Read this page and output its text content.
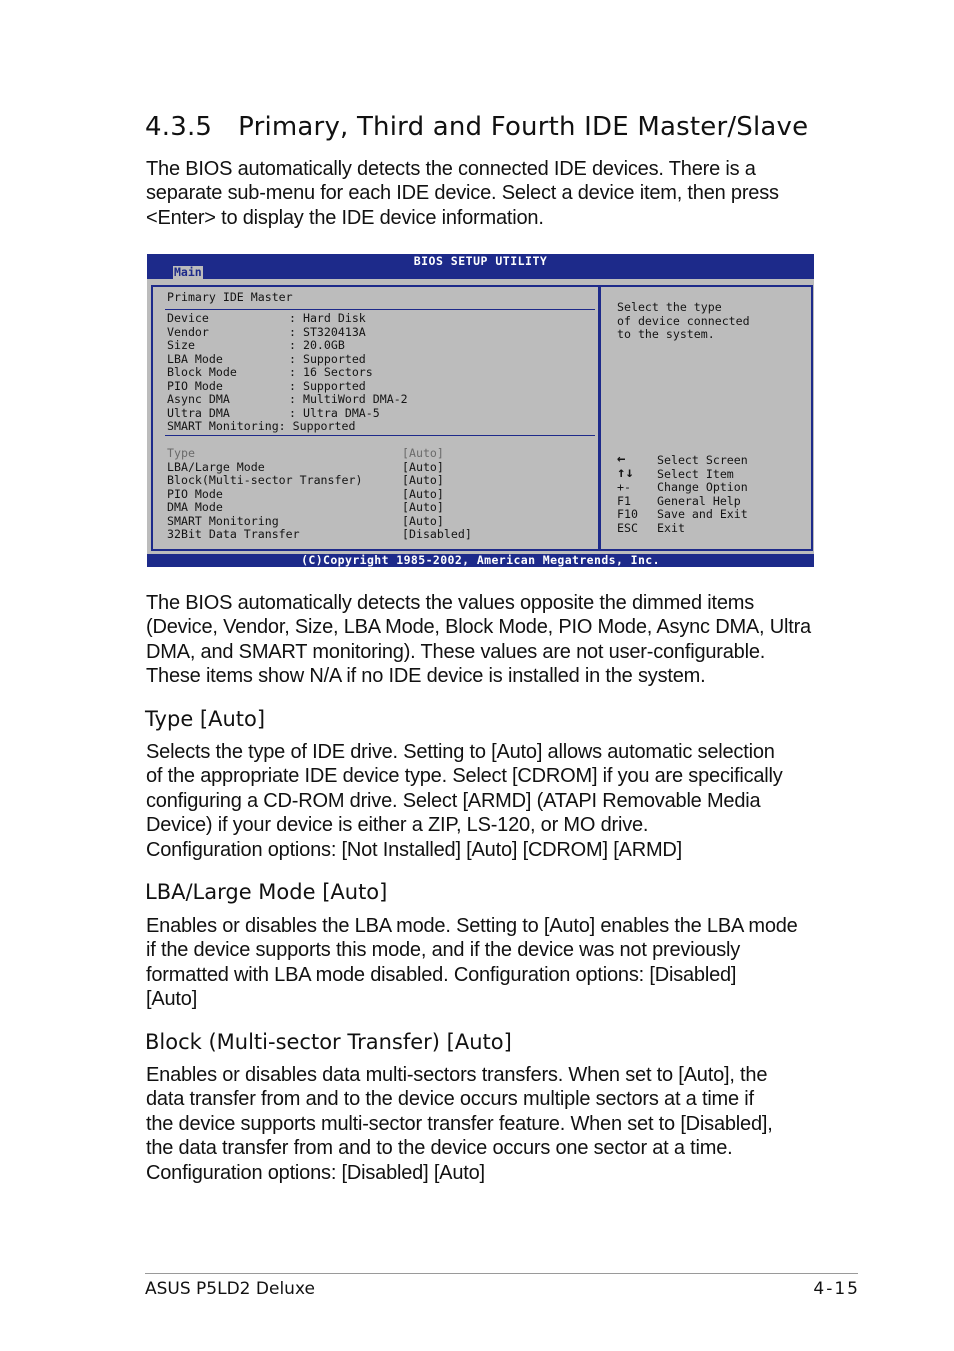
4.3.5 Primary, Third and Fourth IDE Master/Slave

The BIOS automatically detects the connected IDE devices. There is a
separate sub-menu for each IDE device. Select a device item, then press
<Enter> to display the IDE device information.

BIOS SETUP UTILITY
Main
Primary IDE Master
Device	: Hard Disk
Vendor	: ST320413A
Size	: 20.0GB
LBA Mode	: Supported
Block Mode	: 16 Sectors
PIO Mode	: Supported
Async DMA	: MultiWord DMA-2
Ultra DMA	: Ultra DMA-5
SMART Monitoring: Supported
Type	[Auto]
LBA/Large Mode	[Auto]
Block(Multi-sector Transfer)	[Auto]
PIO Mode	[Auto]
DMA Mode	[Auto]
SMART Monitoring	[Auto]
32Bit Data Transfer	[Disabled]
Select the type
of device connected
to the system.
←	Select Screen
↑↓	Select Item
+-	Change Option
F1	General Help
F10	Save and Exit
ESC	Exit
(C)Copyright 1985-2002, American Megatrends, Inc.

The BIOS automatically detects the values opposite the dimmed items
(Device, Vendor, Size, LBA Mode, Block Mode, PIO Mode, Async DMA, Ultra
DMA, and SMART monitoring). These values are not user-configurable.
These items show N/A if no IDE device is installed in the system.

Type [Auto]

Selects the type of IDE drive. Setting to [Auto] allows automatic selection
of the appropriate IDE device type. Select [CDROM] if you are specifically
configuring a CD-ROM drive. Select [ARMD] (ATAPI Removable Media
Device) if your device is either a ZIP, LS-120, or MO drive.
Configuration options: [Not Installed] [Auto] [CDROM] [ARMD]

LBA/Large Mode [Auto]

Enables or disables the LBA mode. Setting to [Auto] enables the LBA mode
if the device supports this mode, and if the device was not previously
formatted with LBA mode disabled. Configuration options: [Disabled]
[Auto]

Block (Multi-sector Transfer) [Auto]

Enables or disables data multi-sectors transfers. When set to [Auto], the
data transfer from and to the device occurs multiple sectors at a time if
the device supports multi-sector transfer feature. When set to [Disabled],
the data transfer from and to the device occurs one sector at a time.
Configuration options: [Disabled] [Auto]

ASUS P5LD2 Deluxe	4-15
